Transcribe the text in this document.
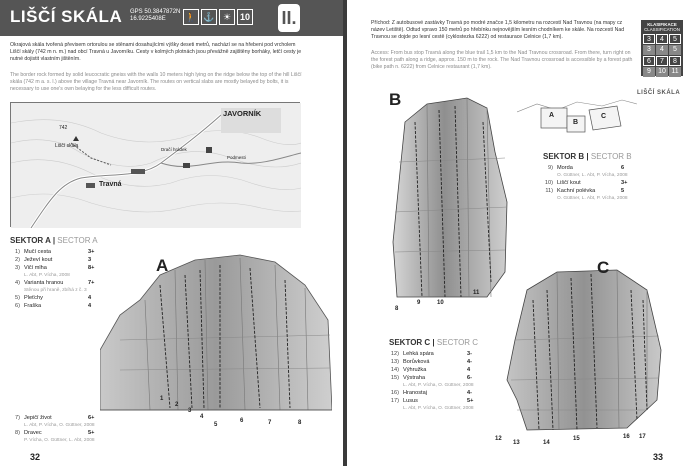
LIŠČÍ SKÁLA GPS 50.3847872N
16.9225408E	🚶 ⚓ ☀ 10 II.
Okrajová skála tvořená převisem ortorulou se stěnami dosahujícími výšky deseti metrů, nachází se na hřebeni pod vrcholem Liščí skály (742 m n. m.) nad obcí Travná u Javorníku. Cesty v kolmých plotnách jsou převážně zajištěny borháky, letčí cesty je nutné dojistit vlastním jištěním.
The border rock formed by solid leucocratic gneiss with the walls 10 meters high lying on the ridge below the top of the hill Liščí skála (742 m a. s. l.) above the village Travná near Javorník. The routes on vertical slabs are mostly belayed by bolts, it is necessary to use one's own belaying for the less difficult routes.
JAVORNÍK
742
Liščí skála
Dračí hrádek
Podmesti
Travná
SEKTOR A | SECTOR A
1) Mučí cesta	3+
2) Ježeví kout	3
3) Vičí mlha	8+
L. Abt, P. Vícha, 2008
4) Varianta hranou	7+
Stěnou při hraně, zbíhá z č. 3
5) Pleťchy	4
6) Fraška	4
7) Jepičí život	6+
L. Abt, P. Vícha, O. Güttner, 2008
8) Dravec	5+
P. Vícha, O. Güttner, L. Abt, 2008
A
1
2
3
4
5
6	7	8
32
Příchod: Z autobusové zastávky Travná po modré značce 1,5 kilometru na rozcestí Nad Travnou (na mapy cz název Letiště). Odtud vpravo 150 metrů po hřebínku nejnovějším lesním chodníkem ke skále. Na rozcestí Nad Travnou se dojde po lesní cestě (cyklostezka 6222) od restaurace Celnice (1,7 km).
Access: From bus stop Travná along the blue trail 1,5 km to the Nad Travnou crossroad. From there, turn right on the forest path along a ridge, approx. 150 m to the rock. The Nad Travnou crossroad is accessible by a forest path (bike path n. 6222) from Celnice restaurant (1,7 km).
KLASIFIKACE
CLASSIFICATION
3	4	5
3	4	5
6	7	8
9	10 11
LIŠČÍ SKÁLA
A
B
C
B
8
9	10
11
SEKTOR B | SECTOR B
9) Morda	6
O. Güttner, L. Abt, P. Vícha, 2008
10) Liščí kout	3+
11) Kachní polévka	5
O. Güttner, L. Abt, P. Vícha, 2008
C
12
13	14
15	16 17
SEKTOR C | SECTOR C
12) Lehká spára	3-
13) Borůvková	4-
14) Výhružka	4
15) Výstraha	6-
L. Abt, P. Vícha, O. Güttner, 2008
16) Hranostaj	4-
17) Lusus	5+
L. Abt, P. Vícha, O. Güttner, 2008
33
